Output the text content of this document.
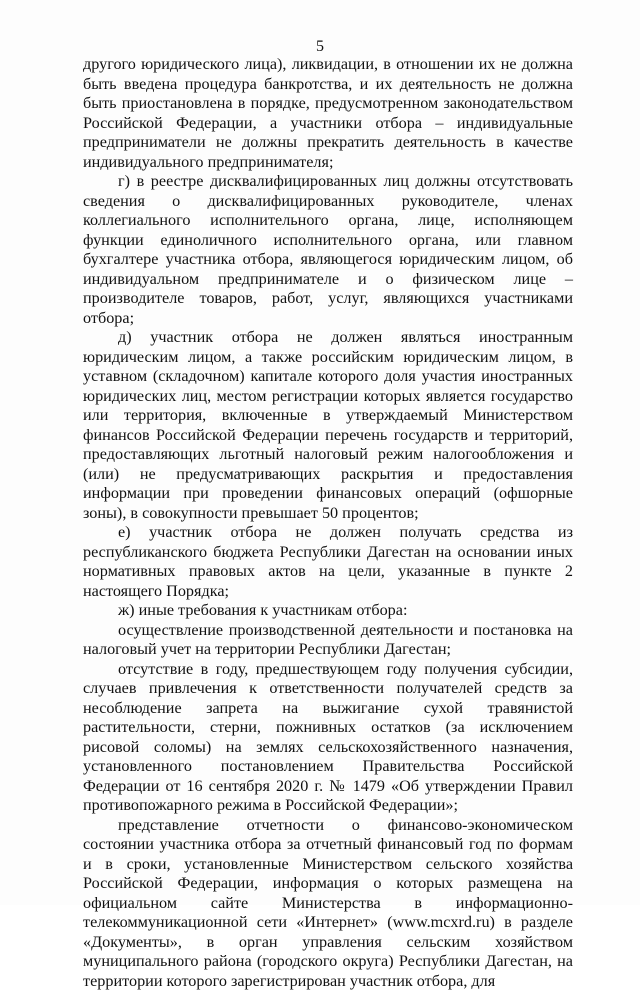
5

другого юридического лица), ликвидации, в отношении их не должна быть введена процедура банкротства, и их деятельность не должна быть приостановлена в порядке, предусмотренном законодательством Российской Федерации, а участники отбора – индивидуальные предприниматели не должны прекратить деятельность в качестве индивидуального предпринимателя;

г) в реестре дисквалифицированных лиц должны отсутствовать сведения о дисквалифицированных руководителе, членах коллегиального исполнительного органа, лице, исполняющем функции единоличного исполнительного органа, или главном бухгалтере участника отбора, являющегося юридическим лицом, об индивидуальном предпринимателе и о физическом лице – производителе товаров, работ, услуг, являющихся участниками отбора;

д) участник отбора не должен являться иностранным юридическим лицом, а также российским юридическим лицом, в уставном (складочном) капитале которого доля участия иностранных юридических лиц, местом регистрации которых является государство или территория, включенные в утверждаемый Министерством финансов Российской Федерации перечень государств и территорий, предоставляющих льготный налоговый режим налогообложения и (или) не предусматривающих раскрытия и предоставления информации при проведении финансовых операций (офшорные зоны), в совокупности превышает 50 процентов;

е) участник отбора не должен получать средства из республиканского бюджета Республики Дагестан на основании иных нормативных правовых актов на цели, указанные в пункте 2 настоящего Порядка;

ж) иные требования к участникам отбора:

осуществление производственной деятельности и постановка на налоговый учет на территории Республики Дагестан;

отсутствие в году, предшествующем году получения субсидии, случаев привлечения к ответственности получателей средств за несоблюдение запрета на выжигание сухой травянистой растительности, стерни, пожнивных остатков (за исключением рисовой соломы) на землях сельскохозяйственного назначения, установленного постановлением Правительства Российской Федерации от 16 сентября 2020 г. № 1479 «Об утверждении Правил противопожарного режима в Российской Федерации»;

представление отчетности о финансово-экономическом состоянии участника отбора за отчетный финансовый год по формам и в сроки, установленные Министерством сельского хозяйства Российской Федерации, информация о которых размещена на официальном сайте Министерства в информационно-телекоммуникационной сети «Интернет» (www.mcxrd.ru) в разделе «Документы», в орган управления сельским хозяйством муниципального района (городского округа) Республики Дагестан, на территории которого зарегистрирован участник отбора, для
